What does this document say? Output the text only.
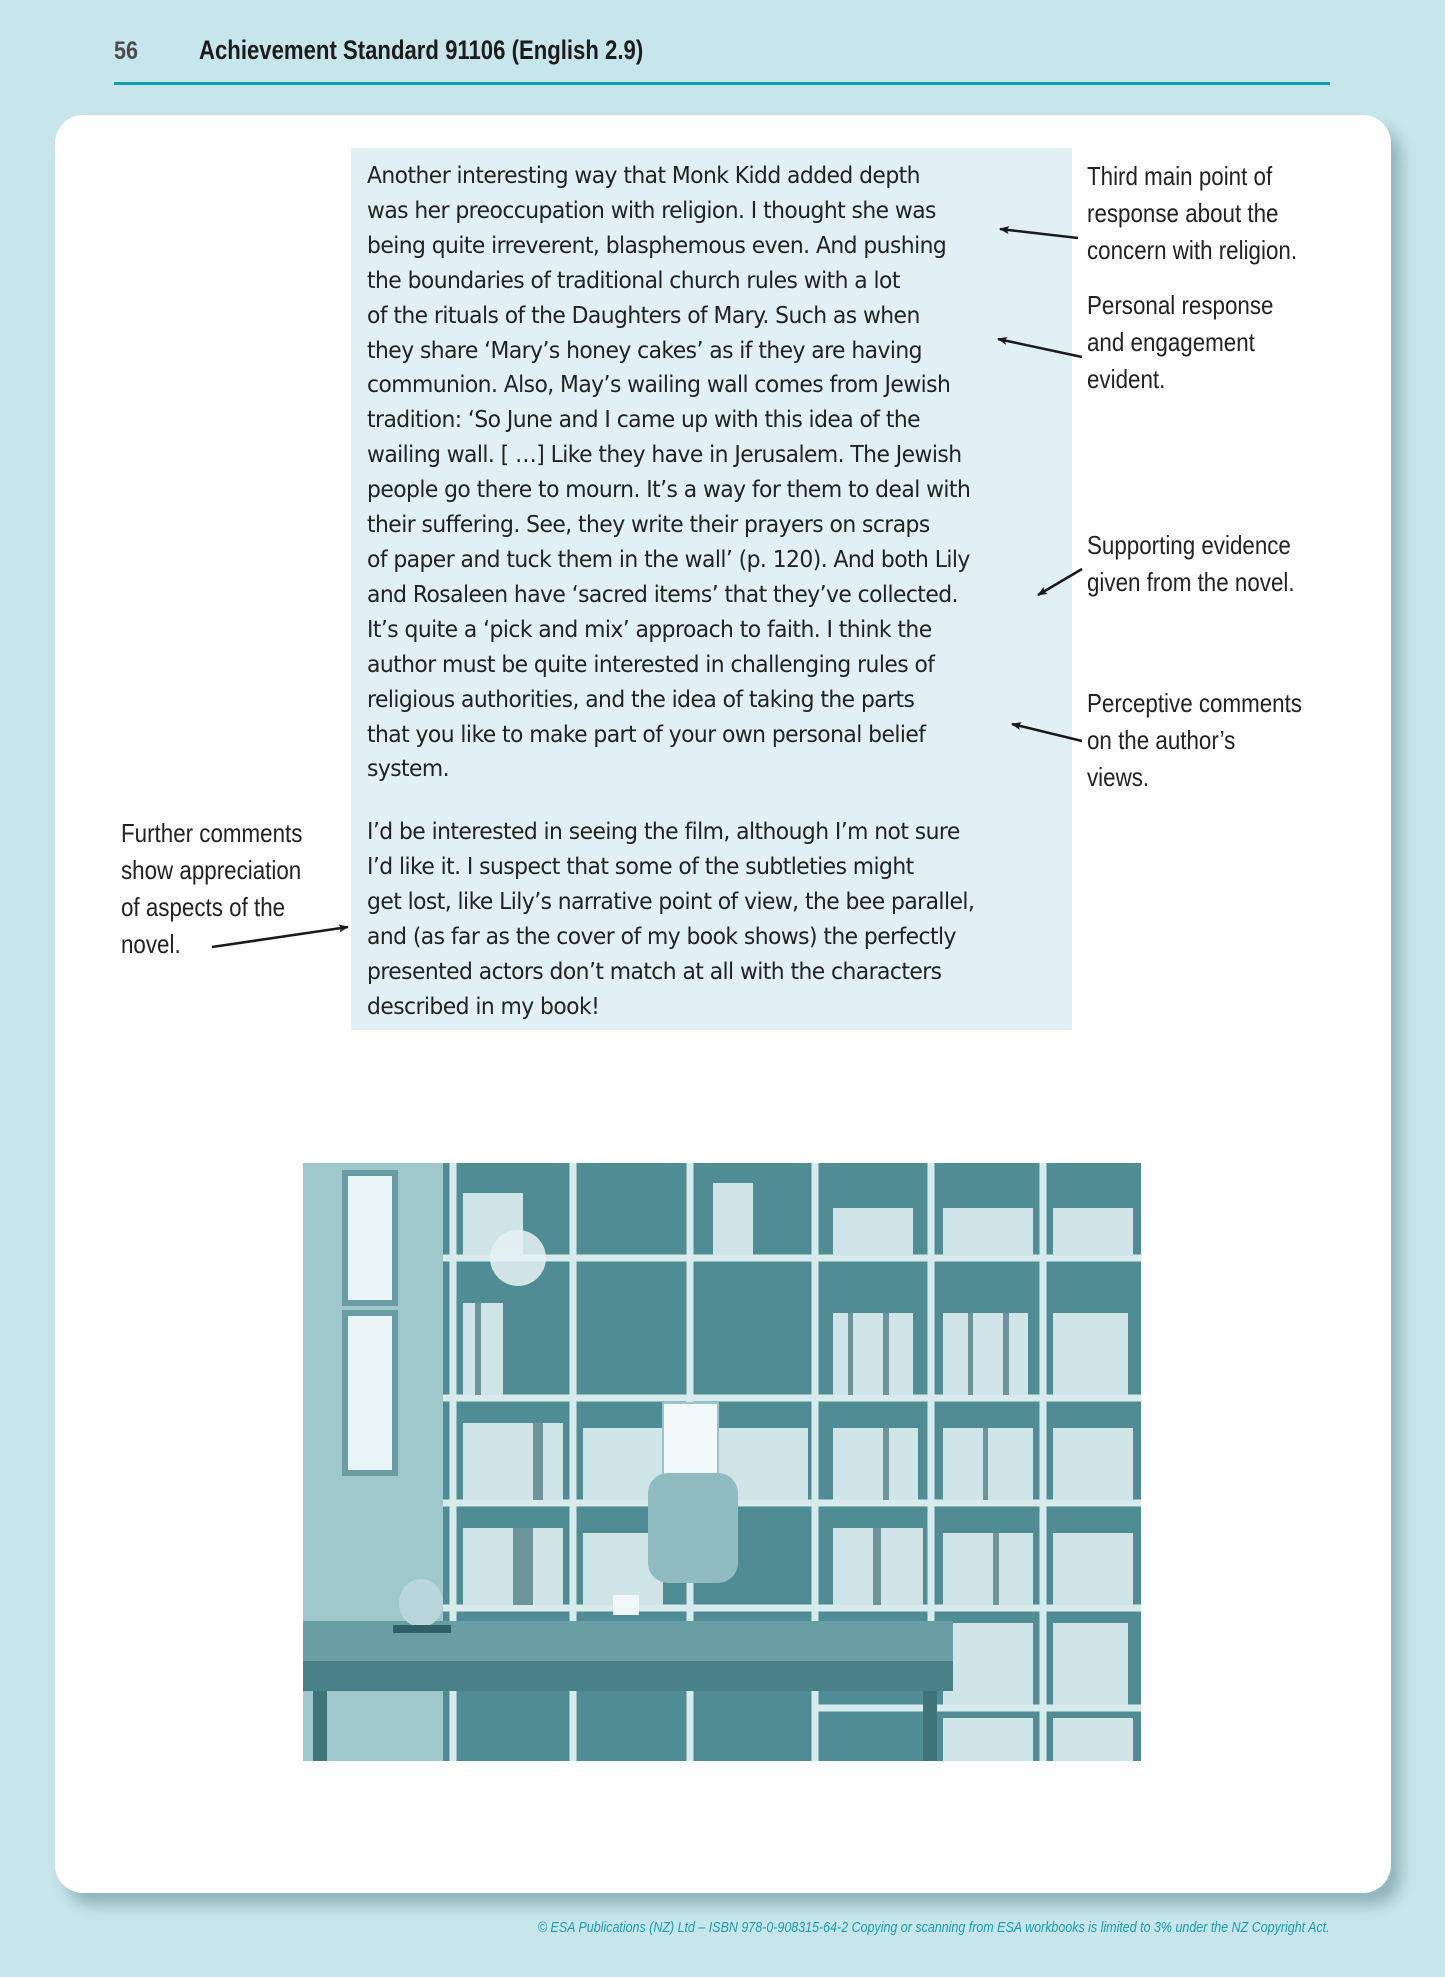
56 Achievement Standard 91106 (English 2.9)

Another interesting way that Monk Kidd added depth
was her preoccupation with religion. I thought she was
being quite irreverent, blasphemous even. And pushing
the boundaries of traditional church rules with a lot
of the rituals of the Daughters of Mary. Such as when
they share ‘Mary’s honey cakes’ as if they are having
communion. Also, May’s wailing wall comes from Jewish
tradition: ‘So June and I came up with this idea of the
wailing wall. [ …] Like they have in Jerusalem. The Jewish
people go there to mourn. It’s a way for them to deal with
their suffering. See, they write their prayers on scraps
of paper and tuck them in the wall’ (p. 120). And both Lily
and Rosaleen have ‘sacred items’ that they’ve collected.
It’s quite a ‘pick and mix’ approach to faith. I think the
author must be quite interested in challenging rules of
religious authorities, and the idea of taking the parts
that you like to make part of your own personal belief
system.

I’d be interested in seeing the film, although I’m not sure
I’d like it. I suspect that some of the subtleties might
get lost, like Lily’s narrative point of view, the bee parallel,
and (as far as the cover of my book shows) the perfectly
presented actors don’t match at all with the characters
described in my book!

Third main point of
response about the
concern with religion.

Personal response
and engagement
evident.

Supporting evidence
given from the novel.

Perceptive comments
on the author’s
views.

Further comments
show appreciation
of aspects of the
novel.

© ESA Publications (NZ) Ltd – ISBN 978-0-908315-64-2 Copying or scanning from ESA workbooks is limited to 3% under the NZ Copyright Act.
